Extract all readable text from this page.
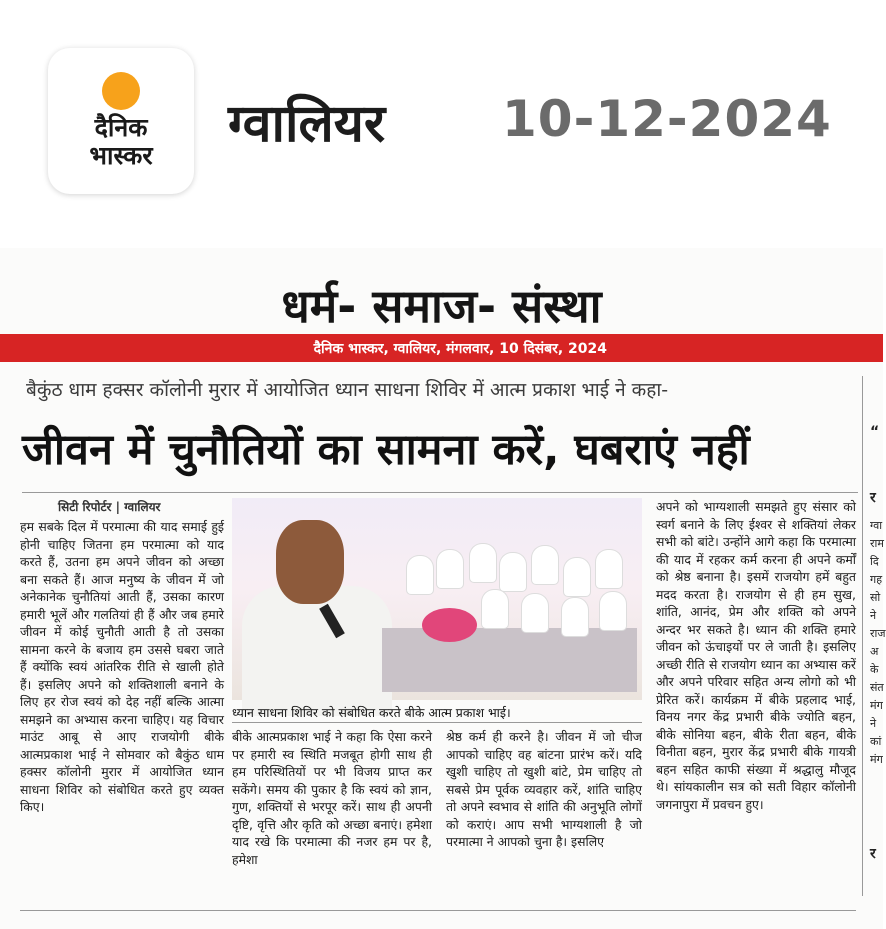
दैनिक
भास्कर
ग्वालियर 10-12-2024
धर्म- समाज- संस्था
दैनिक भास्कर, ग्वालियर, मंगलवार, 10 दिसंबर, 2024
बैकुंठ धाम हक्सर कॉलोनी मुरार में आयोजित ध्यान साधना शिविर में आत्म प्रकाश भाई ने कहा-
जीवन में चुनौतियों का सामना करें, घबराएं नहीं
सिटी रिपोर्टर | ग्वालियर
हम सबके दिल में परमात्मा की याद समाई हुई होनी चाहिए जितना हम परमात्मा को याद करते हैं, उतना हम अपने जीवन को अच्छा बना सकते हैं। आज मनुष्य के जीवन में जो अनेकानेक चुनौतियां आती हैं, उसका कारण हमारी भूलें और गलतियां ही हैं और जब हमारे जीवन में कोई चुनौती आती है तो उसका सामना करने के बजाय हम उससे घबरा जाते हैं क्योंकि स्वयं आंतरिक रीति से खाली होते हैं। इसलिए अपने को शक्तिशाली बनाने के लिए हर रोज स्वयं को देह नहीं बल्कि आत्मा समझने का अभ्यास करना चाहिए। यह विचार माउंट आबू से आए राजयोगी बीके आत्मप्रकाश भाई ने सोमवार को बैकुंठ धाम हक्सर कॉलोनी मुरार में आयोजित ध्यान साधना शिविर को संबोधित करते हुए व्यक्त किए।
ध्यान साधना शिविर को संबोधित करते बीके आत्म प्रकाश भाई।
बीके आत्मप्रकाश भाई ने कहा कि ऐसा करने पर हमारी स्व स्थिति मजबूत होगी साथ ही हम परिस्थितियों पर भी विजय प्राप्त कर सकेंगे। समय की पुकार है कि स्वयं को ज्ञान, गुण, शक्तियों से भरपूर करें। साथ ही अपनी दृष्टि, वृत्ति और कृति को अच्छा बनाएं। हमेशा याद रखे कि परमात्मा की नजर हम पर है, हमेशा
श्रेष्ठ कर्म ही करने है। जीवन में जो चीज आपको चाहिए वह बांटना प्रारंभ करें। यदि खुशी चाहिए तो खुशी बांटे, प्रेम चाहिए तो सबसे प्रेम पूर्वक व्यवहार करें, शांति चाहिए तो अपने स्वभाव से शांति की अनुभूति लोगों को कराएं। आप सभी भाग्यशाली है जो परमात्मा ने आपको चुना है। इसलिए
अपने को भाग्यशाली समझते हुए संसार को स्वर्ग बनाने के लिए ईश्वर से शक्तियां लेकर सभी को बांटे। उन्होंने आगे कहा कि परमात्मा की याद में रहकर कर्म करना ही अपने कर्मों को श्रेष्ठ बनाना है। इसमें राजयोग हमें बहुत मदद करता है। राजयोग से ही हम सुख, शांति, आनंद, प्रेम और शक्ति को अपने अन्दर भर सकते है। ध्यान की शक्ति हमारे जीवन को ऊंचाइयों पर ले जाती है। इसलिए अच्छी रीति से राजयोग ध्यान का अभ्यास करें और अपने परिवार सहित अन्य लोगो को भी प्रेरित करें। कार्यक्रम में बीके प्रहलाद भाई, विनय नगर केंद्र प्रभारी बीके ज्योति बहन, बीके सोनिया बहन, बीके रीता बहन, बीके विनीता बहन, मुरार केंद्र प्रभारी बीके गायत्री बहन सहित काफी संख्या में श्रद्धालु मौजूद थे। सांयकालीन सत्र को सती विहार कॉलोनी जगनापुरा में प्रवचन हुए।
“
र
ग्वा
राम
दि
गह
सो
ने
राज
अ
के
संत
मंग
ने
कां
मंग
र
